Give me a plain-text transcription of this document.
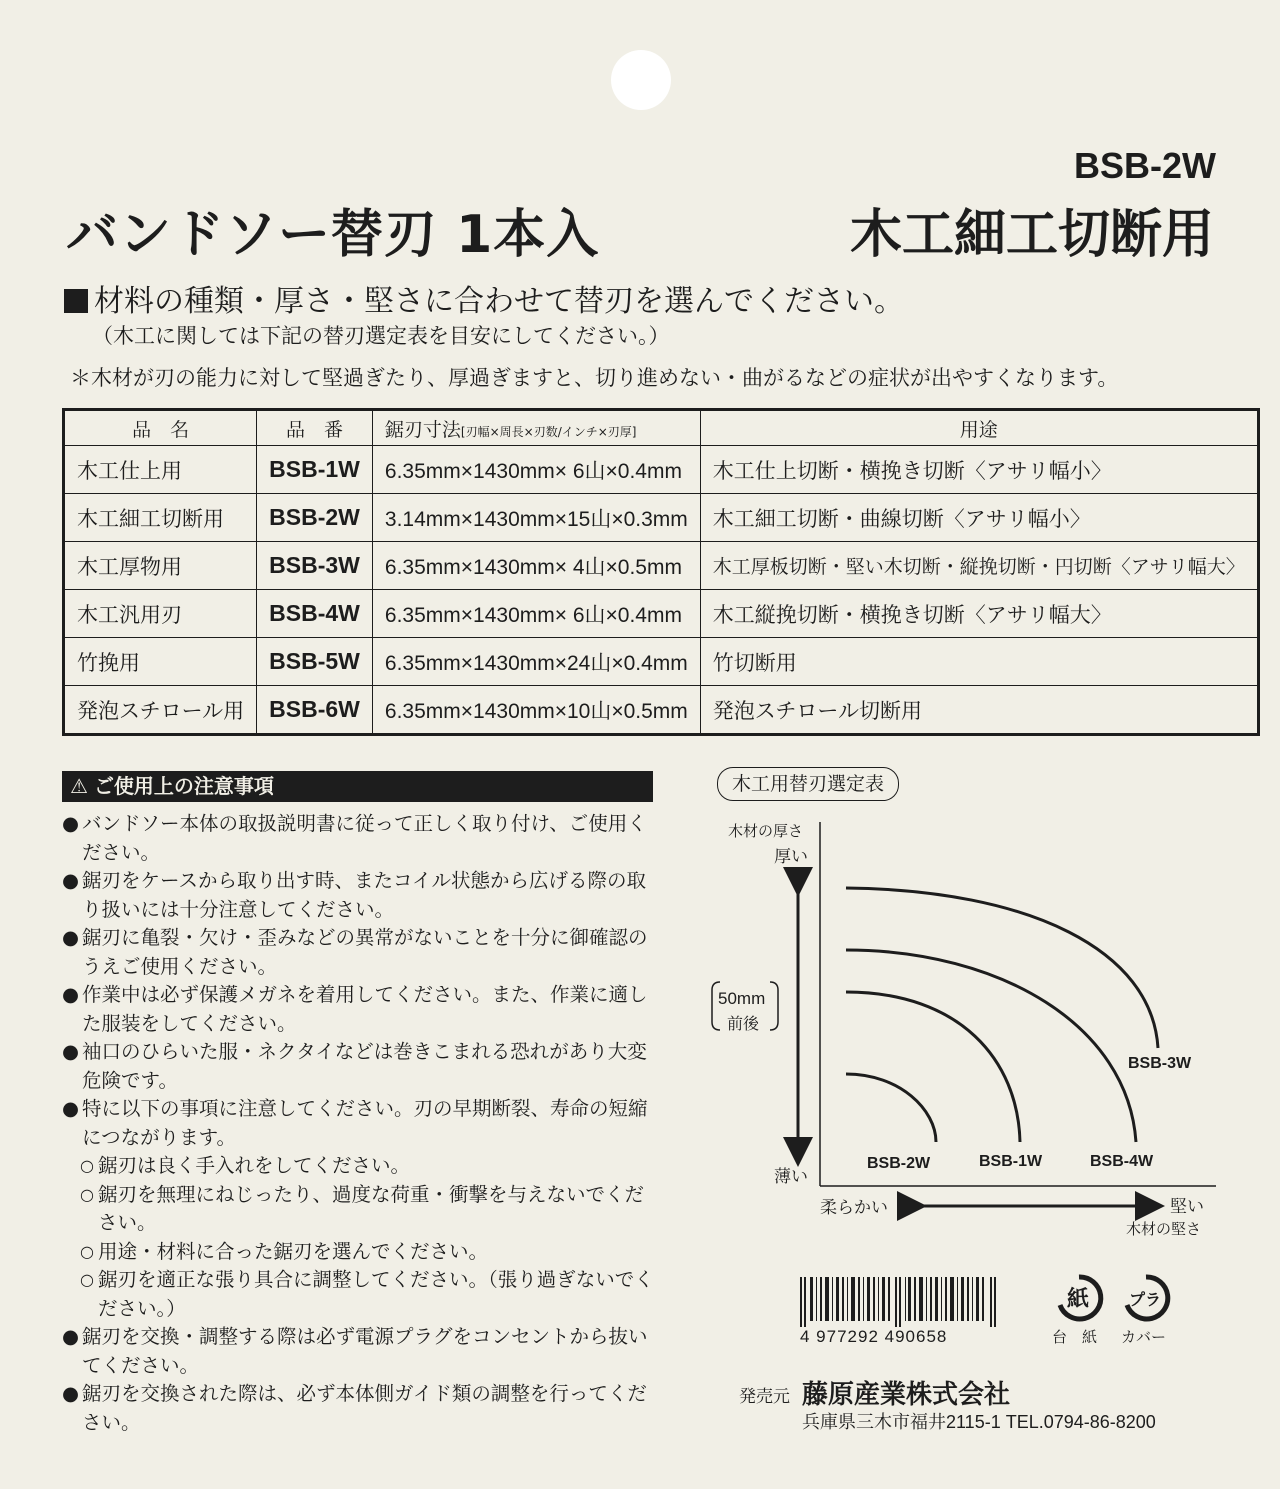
BSB-2W
バンドソー替刃 1本入	木工細工切断用
材料の種類・厚さ・堅さに合わせて替刃を選んでください。
（木工に関しては下記の替刃選定表を目安にしてください。）
＊木材が刃の能力に対して堅過ぎたり、厚過ぎますと、切り進めない・曲がるなどの症状が出やすくなります。
品　名	品　番	鋸刃寸法[刃幅×周長×刃数/インチ×刃厚]	用途
木工仕上用	BSB-1W	6.35mm×1430mm× 6山×0.4mm	木工仕上切断・横挽き切断〈アサリ幅小〉
木工細工切断用	BSB-2W	3.14mm×1430mm×15山×0.3mm	木工細工切断・曲線切断〈アサリ幅小〉
木工厚物用	BSB-3W	6.35mm×1430mm× 4山×0.5mm	木工厚板切断・堅い木切断・縦挽切断・円切断〈アサリ幅大〉
木工汎用刃	BSB-4W	6.35mm×1430mm× 6山×0.4mm	木工縦挽切断・横挽き切断〈アサリ幅大〉
竹挽用	BSB-5W	6.35mm×1430mm×24山×0.4mm	竹切断用
発泡スチロール用	BSB-6W	6.35mm×1430mm×10山×0.5mm	発泡スチロール切断用
⚠ ご使用上の注意事項
● バンドソー本体の取扱説明書に従って正しく取り付け、ご使用ください。
● 鋸刃をケースから取り出す時、またコイル状態から広げる際の取り扱いには十分注意してください。
● 鋸刃に亀裂・欠け・歪みなどの異常がないことを十分に御確認のうえご使用ください。
● 作業中は必ず保護メガネを着用してください。また、作業に適した服装をしてください。
● 袖口のひらいた服・ネクタイなどは巻きこまれる恐れがあり大変危険です。
● 特に以下の事項に注意してください。刃の早期断裂、寿命の短縮につながります。
○ 鋸刃は良く手入れをしてください。
○ 鋸刃を無理にねじったり、過度な荷重・衝撃を与えないでください。
○ 用途・材料に合った鋸刃を選んでください。
○ 鋸刃を適正な張り具合に調整してください。（張り過ぎないでください。）
● 鋸刃を交換・調整する際は必ず電源プラグをコンセントから抜いてください。
● 鋸刃を交換された際は、必ず本体側ガイド類の調整を行ってください。
木工用替刃選定表
木材の厚さ
厚い
薄い
50mm
前後
BSB-3W
BSB-2W	BSB-1W	BSB-4W
柔らかい	堅い
木材の堅さ
4 977292 490658
紙 プラ
台　紙 カバー
発売元 藤原産業株式会社
兵庫県三木市福井2115-1 TEL.0794-86-8200
